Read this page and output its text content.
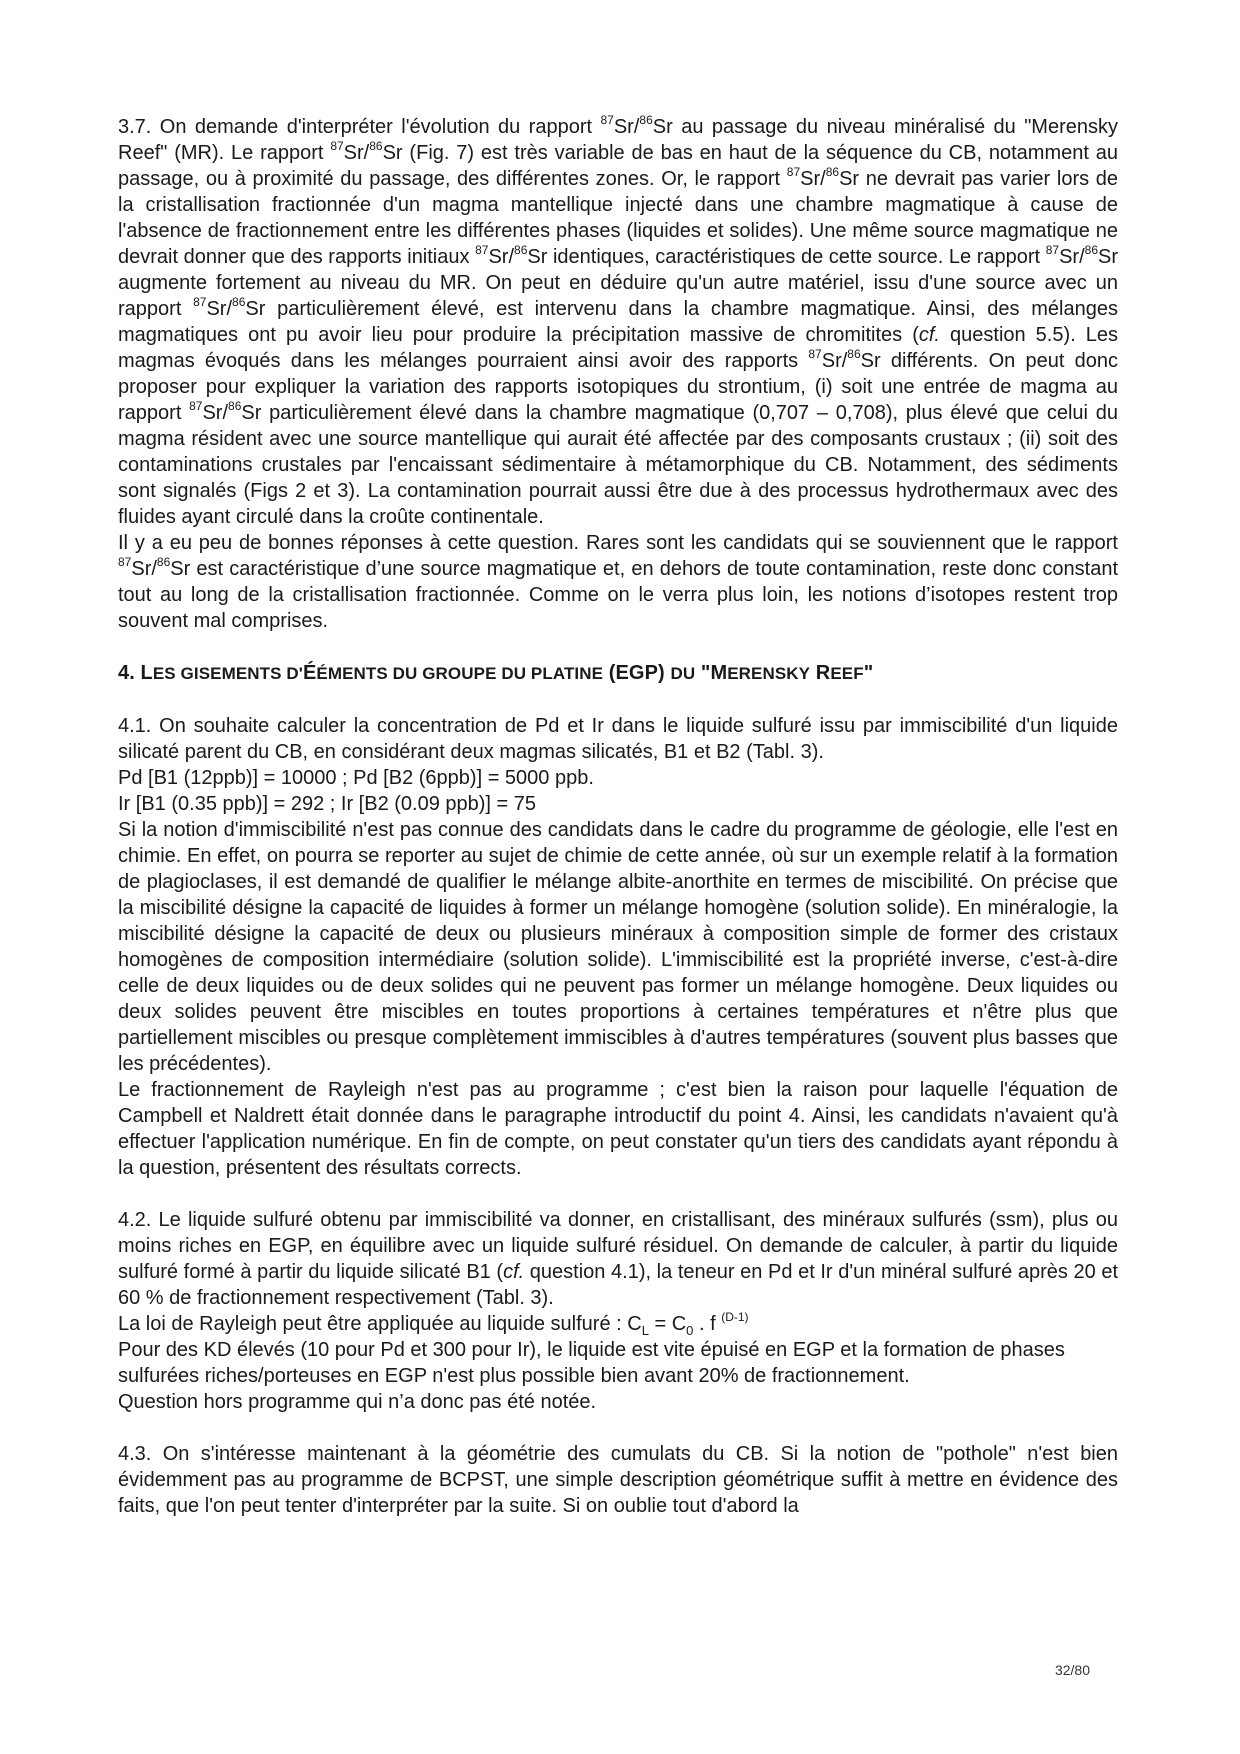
3.7. On demande d'interpréter l'évolution du rapport $^{87}$Sr/$^{86}$Sr au passage du niveau minéralisé du "Merensky Reef" (MR). Le rapport $^{87}$Sr/$^{86}$Sr (Fig. 7) est très variable de bas en haut de la séquence du CB, notamment au passage, ou à proximité du passage, des différentes zones. Or, le rapport $^{87}$Sr/$^{86}$Sr ne devrait pas varier lors de la cristallisation fractionnée d'un magma mantellique injecté dans une chambre magmatique à cause de l'absence de fractionnement entre les différentes phases (liquides et solides). Une même source magmatique ne devrait donner que des rapports initiaux $^{87}$Sr/$^{86}$Sr identiques, caractéristiques de cette source. Le rapport $^{87}$Sr/$^{86}$Sr augmente fortement au niveau du MR. On peut en déduire qu'un autre matériel, issu d'une source avec un rapport $^{87}$Sr/$^{86}$Sr particulièrement élevé, est intervenu dans la chambre magmatique. Ainsi, des mélanges magmatiques ont pu avoir lieu pour produire la précipitation massive de chromitites (cf. question 5.5). Les magmas évoqués dans les mélanges pourraient ainsi avoir des rapports $^{87}$Sr/$^{86}$Sr différents. On peut donc proposer pour expliquer la variation des rapports isotopiques du strontium, (i) soit une entrée de magma au rapport $^{87}$Sr/$^{86}$Sr particulièrement élevé dans la chambre magmatique (0,707 – 0,708), plus élevé que celui du magma résident avec une source mantellique qui aurait été affectée par des composants crustaux ; (ii) soit des contaminations crustales par l'encaissant sédimentaire à métamorphique du CB. Notamment, des sédiments sont signalés (Figs 2 et 3). La contamination pourrait aussi être due à des processus hydrothermaux avec des fluides ayant circulé dans la croûte continentale.

Il y a eu peu de bonnes réponses à cette question. Rares sont les candidats qui se souviennent que le rapport $^{87}$Sr/$^{86}$Sr est caractéristique d’une source magmatique et, en dehors de toute contamination, reste donc constant tout au long de la cristallisation fractionnée. Comme on le verra plus loin, les notions d’isotopes restent trop souvent mal comprises.

4. LES GISEMENTS D'ÉÉMENTS DU GROUPE DU PLATINE (EGP) DU "MERENSKY REEF"

4.1. On souhaite calculer la concentration de Pd et Ir dans le liquide sulfuré issu par immiscibilité d'un liquide silicaté parent du CB, en considérant deux magmas silicatés, B1 et B2 (Tabl. 3).

Pd [B1 (12ppb)] = 10000 ; Pd [B2 (6ppb)] = 5000 ppb.

Ir [B1 (0.35 ppb)] = 292 ; Ir [B2 (0.09 ppb)] = 75

Si la notion d'immiscibilité n'est pas connue des candidats dans le cadre du programme de géologie, elle l'est en chimie. En effet, on pourra se reporter au sujet de chimie de cette année, où sur un exemple relatif à la formation de plagioclases, il est demandé de qualifier le mélange albite-anorthite en termes de miscibilité. On précise que la miscibilité désigne la capacité de liquides à former un mélange homogène (solution solide). En minéralogie, la miscibilité désigne la capacité de deux ou plusieurs minéraux à composition simple de former des cristaux homogènes de composition intermédiaire (solution solide). L'immiscibilité est la propriété inverse, c'est-à-dire celle de deux liquides ou de deux solides qui ne peuvent pas former un mélange homogène. Deux liquides ou deux solides peuvent être miscibles en toutes proportions à certaines températures et n'être plus que partiellement miscibles ou presque complètement immiscibles à d'autres températures (souvent plus basses que les précédentes).

Le fractionnement de Rayleigh n'est pas au programme ; c'est bien la raison pour laquelle l'équation de Campbell et Naldrett était donnée dans le paragraphe introductif du point 4. Ainsi, les candidats n'avaient qu'à effectuer l'application numérique. En fin de compte, on peut constater qu'un tiers des candidats ayant répondu à la question, présentent des résultats corrects.

4.2. Le liquide sulfuré obtenu par immiscibilité va donner, en cristallisant, des minéraux sulfurés (ssm), plus ou moins riches en EGP, en équilibre avec un liquide sulfuré résiduel. On demande de calculer, à partir du liquide sulfuré formé à partir du liquide silicaté B1 (cf. question 4.1), la teneur en Pd et Ir d'un minéral sulfuré après 20 et 60 % de fractionnement respectivement (Tabl. 3).

La loi de Rayleigh peut être appliquée au liquide sulfuré : $C_L = C_0$ . f $^{(D-1)}$

Pour des KD élevés (10 pour Pd et 300 pour Ir), le liquide est vite épuisé en EGP et la formation de phases sulfurées riches/porteuses en EGP n'est plus possible bien avant 20% de fractionnement.

Question hors programme qui n’a donc pas été notée.

4.3. On s'intéresse maintenant à la géométrie des cumulats du CB. Si la notion de "pothole" n'est bien évidemment pas au programme de BCPST, une simple description géométrique suffit à mettre en évidence des faits, que l'on peut tenter d'interpréter par la suite. Si on oublie tout d'abord la

32/80
